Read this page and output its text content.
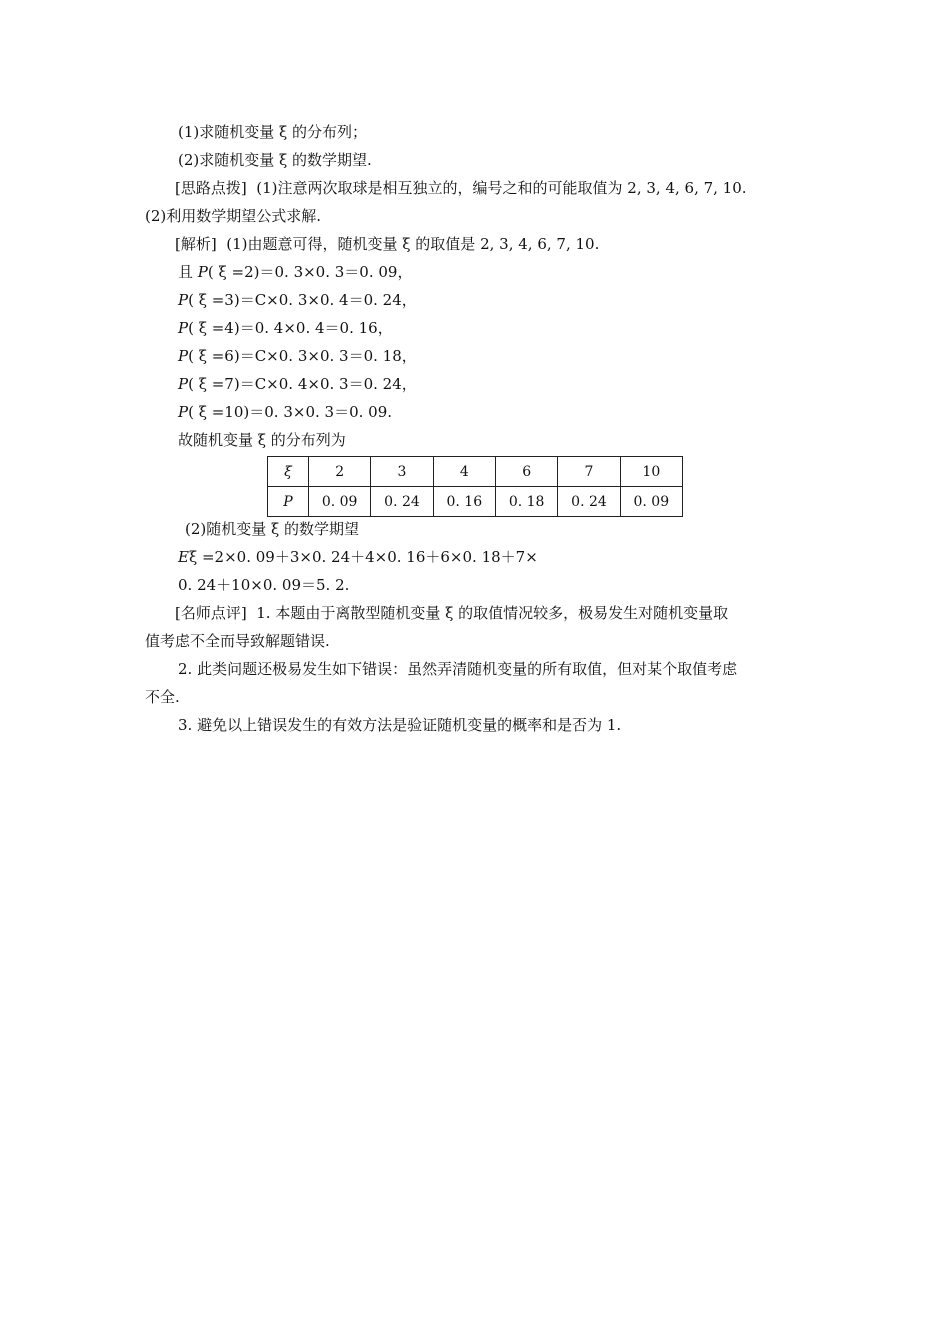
(1)求随机变量 ξ 的分布列；
(2)求随机变量 ξ 的数学期望.
[思路点拨] (1)注意两次取球是相互独立的，编号之和的可能取值为 2, 3, 4, 6, 7, 10.
(2)利用数学期望公式求解.
[解析] (1)由题意可得，随机变量 ξ 的取值是 2, 3, 4, 6, 7, 10.
且 P( ξ =2)＝0. 3×0. 3＝0. 09，
P( ξ =3)＝C×0. 3×0. 4＝0. 24，
P( ξ =4)＝0. 4×0. 4＝0. 16，
P( ξ =6)＝C×0. 3×0. 3＝0. 18，
P( ξ =7)＝C×0. 4×0. 3＝0. 24，
P( ξ =10)＝0. 3×0. 3＝0. 09.
故随机变量 ξ 的分布列为
ξ	2	3	4	6	7	10
P	0. 09	0. 24	0. 16	0. 18	0. 24	0. 09
(2)随机变量 ξ 的数学期望
Eξ =2×0. 09＋3×0. 24＋4×0. 16＋6×0. 18＋7×
0. 24＋10×0. 09＝5. 2.
[名师点评] 1. 本题由于离散型随机变量 ξ 的取值情况较多，极易发生对随机变量取
值考虑不全而导致解题错误.
2. 此类问题还极易发生如下错误：虽然弄清随机变量的所有取值，但对某个取值考虑
不全.
3. 避免以上错误发生的有效方法是验证随机变量的概率和是否为 1.
